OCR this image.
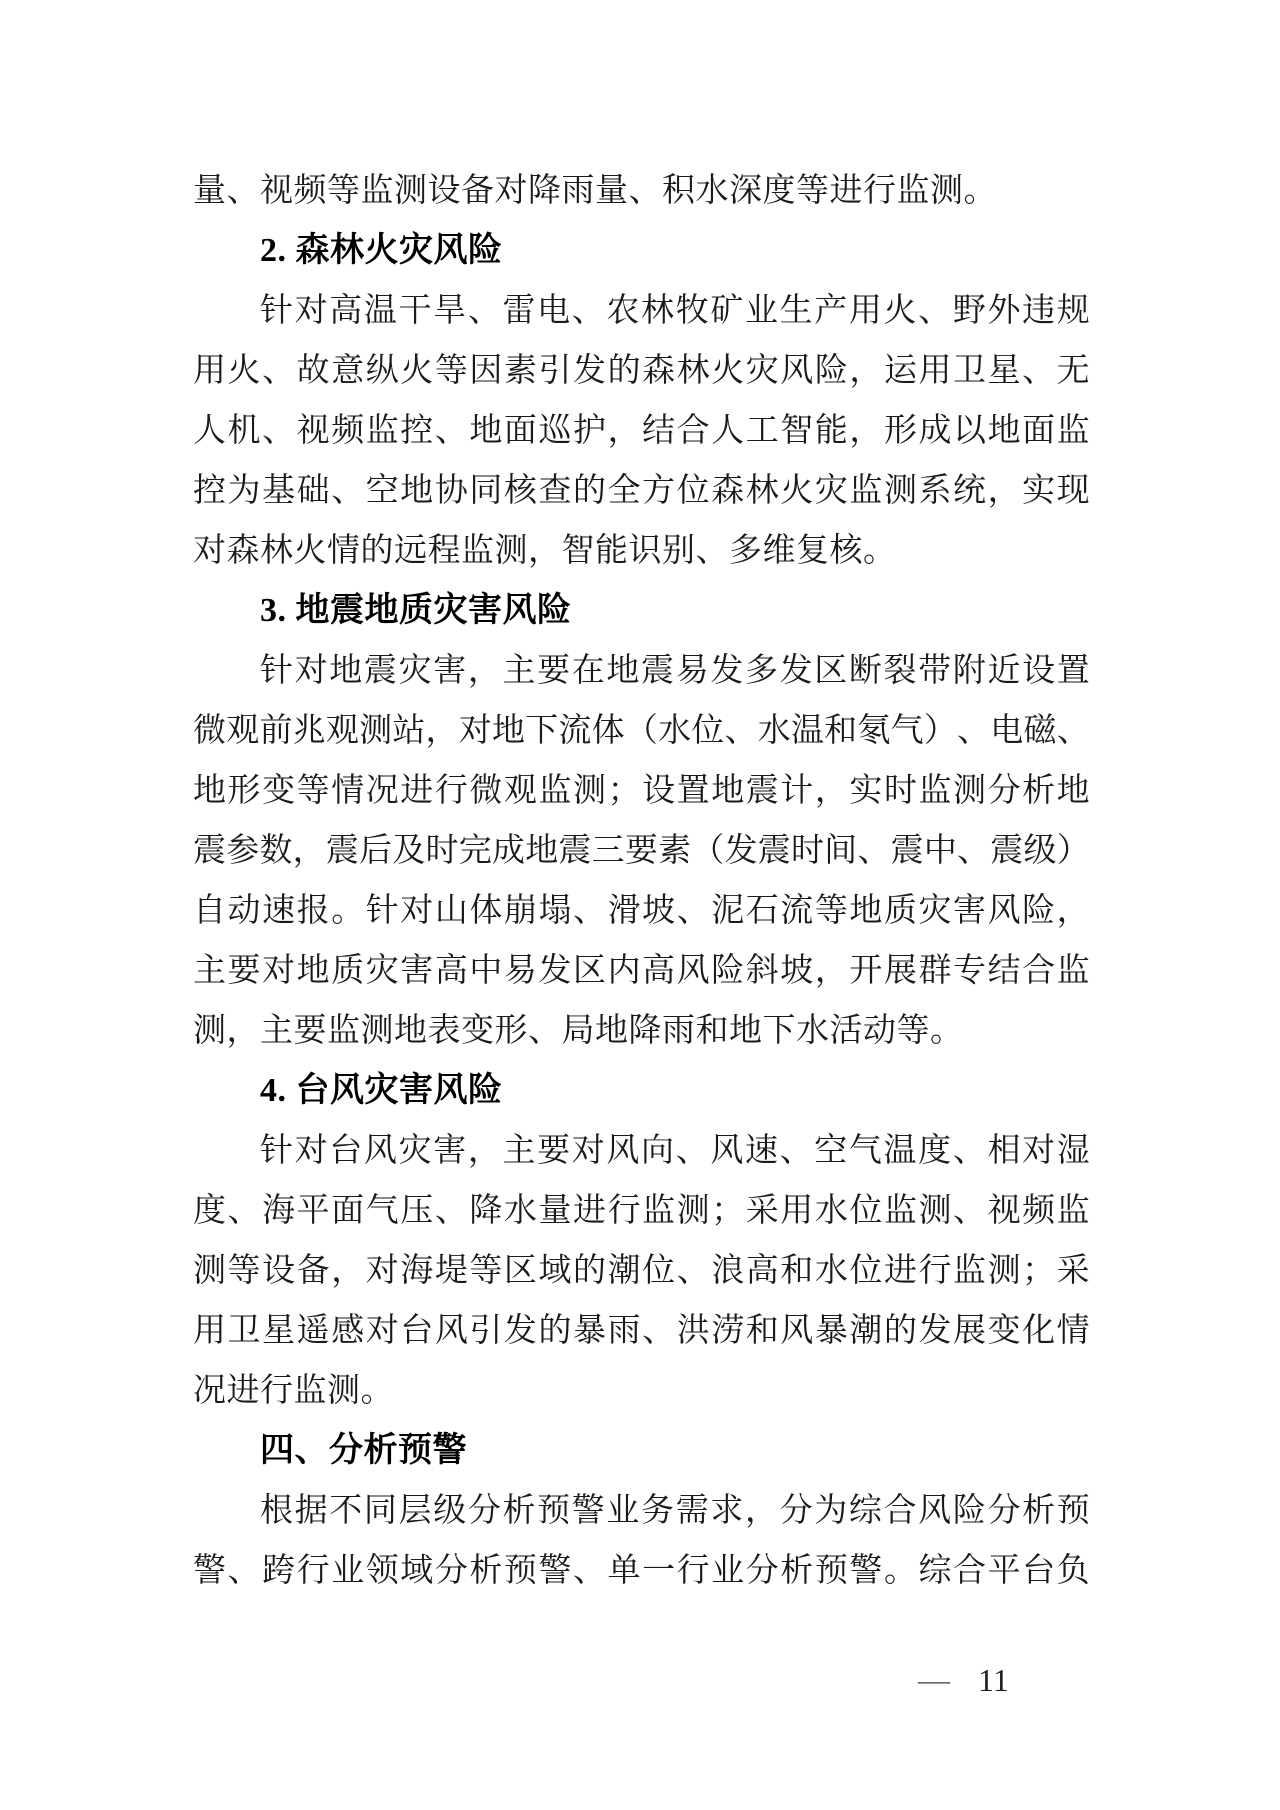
量、视频等监测设备对降雨量、积水深度等进行监测。
2. 森林火灾风险
针 对 高 温 干 旱 、 雷 电 、 农 林 牧 矿 业 生 产 用 火 、 野 外 违 规
用 火 、 故 意 纵 火 等 因 素 引 发 的 森 林 火 灾 风 险 ， 运 用 卫 星 、 无
人 机 、 视 频 监 控 、 地 面 巡 护 ， 结 合 人 工 智 能 ， 形 成 以 地 面 监
控 为 基 础 、 空 地 协 同 核 查 的 全 方 位 森 林 火 灾 监 测 系 统 ， 实 现
对森林火情的远程监测，智能识别、多维复核。
3. 地震地质灾害风险
针 对 地 震 灾 害 ， 主 要 在 地 震 易 发 多 发 区 断 裂 带 附 近 设 置
微 观 前 兆 观 测 站 ， 对 地 下 流 体 （ 水 位 、 水 温 和 氡 气 ） 、 电 磁 、
地 形 变 等 情 况 进 行 微 观 监 测 ； 设 置 地 震 计 ， 实 时 监 测 分 析 地
震 参 数 ， 震 后 及 时 完 成 地 震 三 要 素 （ 发 震 时 间 、 震 中 、 震 级 ）
自 动 速 报 。 针 对 山 体 崩 塌 、 滑 坡 、 泥 石 流 等 地 质 灾 害 风 险 ，
主 要 对 地 质 灾 害 高 中 易 发 区 内 高 风 险 斜 坡 ， 开 展 群 专 结 合 监
测，主要监测地表变形、局地降雨和地下水活动等。
4. 台风灾害风险
针 对 台 风 灾 害 ， 主 要 对 风 向 、 风 速 、 空 气 温 度 、 相 对 湿
度 、 海 平 面 气 压 、 降 水 量 进 行 监 测 ； 采 用 水 位 监 测 、 视 频 监
测 等 设 备 ， 对 海 堤 等 区 域 的 潮 位 、 浪 高 和 水 位 进 行 监 测 ； 采
用 卫 星 遥 感 对 台 风 引 发 的 暴 雨 、 洪 涝 和 风 暴 潮 的 发 展 变 化 情
况进行监测。
四、分析预警
根 据 不 同 层 级 分 析 预 警 业 务 需 求 ， 分 为 综 合 风 险 分 析 预
警 、 跨 行 业 领 域 分 析 预 警 、 单 一 行 业 分 析 预 警 。 综 合 平 台 负
— 11
